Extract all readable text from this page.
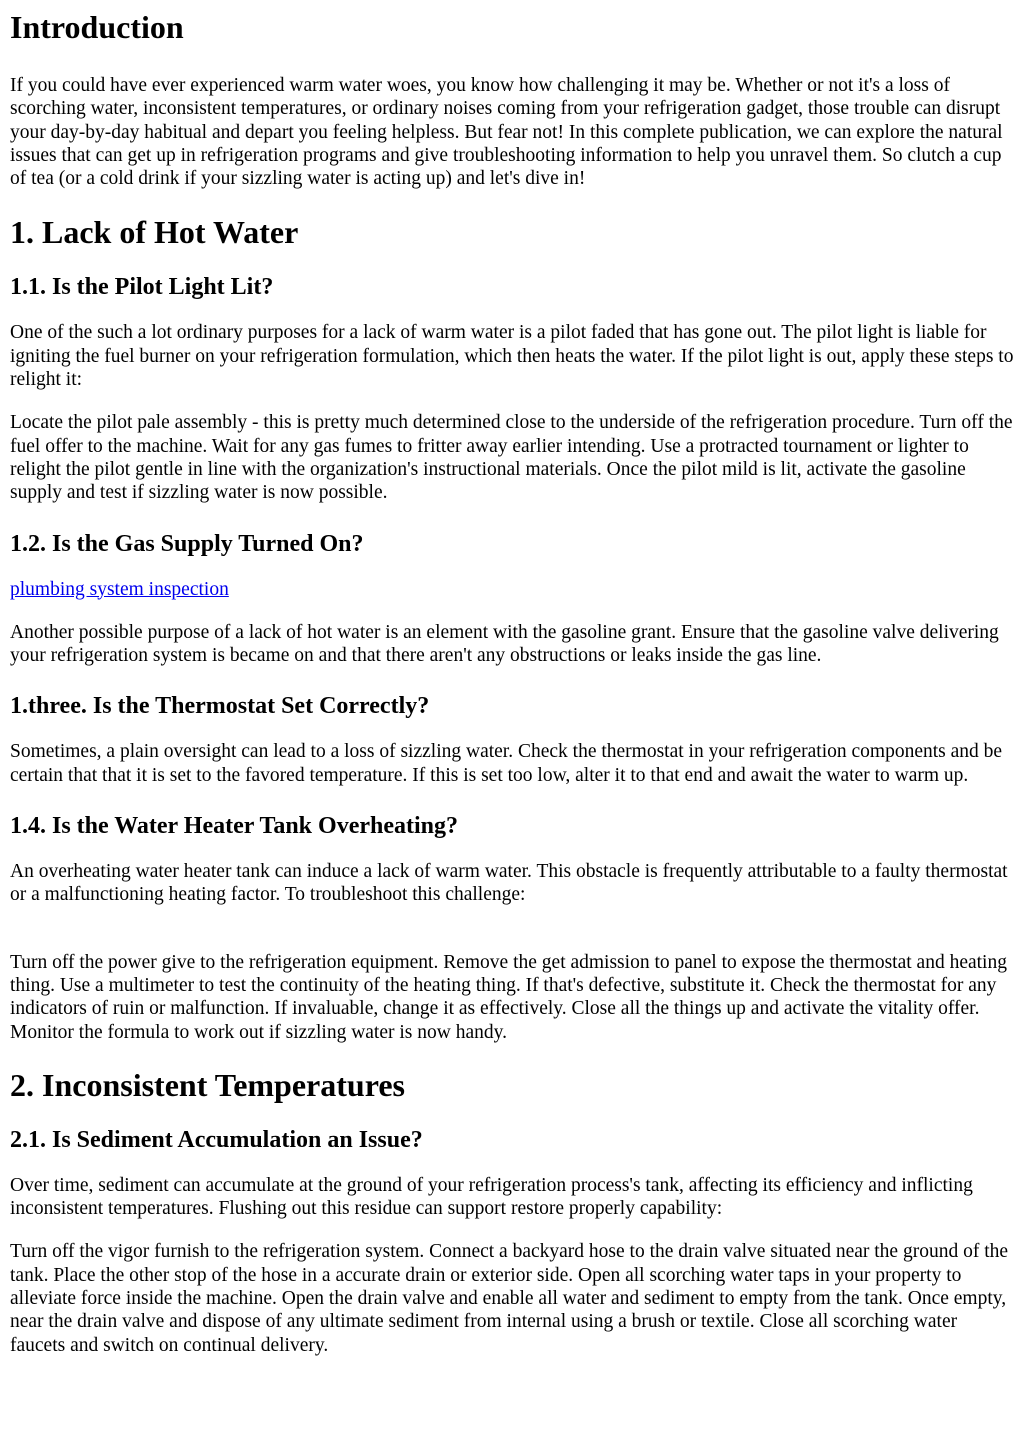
Introduction

If you could have ever experienced warm water woes, you know how challenging it may be. Whether or not it's a loss of scorching water, inconsistent temperatures, or ordinary noises coming from your refrigeration gadget, those trouble can disrupt your day-by-day habitual and depart you feeling helpless. But fear not! In this complete publication, we can explore the natural issues that can get up in refrigeration programs and give troubleshooting information to help you unravel them. So clutch a cup of tea (or a cold drink if your sizzling water is acting up) and let's dive in!

1. Lack of Hot Water
1.1. Is the Pilot Light Lit?

One of the such a lot ordinary purposes for a lack of warm water is a pilot faded that has gone out. The pilot light is liable for igniting the fuel burner on your refrigeration formulation, which then heats the water. If the pilot light is out, apply these steps to relight it:

Locate the pilot pale assembly - this is pretty much determined close to the underside of the refrigeration procedure. Turn off the fuel offer to the machine. Wait for any gas fumes to fritter away earlier intending. Use a protracted tournament or lighter to relight the pilot gentle in line with the organization's instructional materials. Once the pilot mild is lit, activate the gasoline supply and test if sizzling water is now possible.

1.2. Is the Gas Supply Turned On?

plumbing system inspection

Another possible purpose of a lack of hot water is an element with the gasoline grant. Ensure that the gasoline valve delivering your refrigeration system is became on and that there aren't any obstructions or leaks inside the gas line.

1.three. Is the Thermostat Set Correctly?

Sometimes, a plain oversight can lead to a loss of sizzling water. Check the thermostat in your refrigeration components and be certain that that it is set to the favored temperature. If this is set too low, alter it to that end and await the water to warm up.

1.4. Is the Water Heater Tank Overheating?

An overheating water heater tank can induce a lack of warm water. This obstacle is frequently attributable to a faulty thermostat or a malfunctioning heating factor. To troubleshoot this challenge:

Turn off the power give to the refrigeration equipment. Remove the get admission to panel to expose the thermostat and heating thing. Use a multimeter to test the continuity of the heating thing. If that's defective, substitute it. Check the thermostat for any indicators of ruin or malfunction. If invaluable, change it as effectively. Close all the things up and activate the vitality offer. Monitor the formula to work out if sizzling water is now handy.

2. Inconsistent Temperatures
2.1. Is Sediment Accumulation an Issue?

Over time, sediment can accumulate at the ground of your refrigeration process's tank, affecting its efficiency and inflicting inconsistent temperatures. Flushing out this residue can support restore properly capability:

Turn off the vigor furnish to the refrigeration system. Connect a backyard hose to the drain valve situated near the ground of the tank. Place the other stop of the hose in a accurate drain or exterior side. Open all scorching water taps in your property to alleviate force inside the machine. Open the drain valve and enable all water and sediment to empty from the tank. Once empty, near the drain valve and dispose of any ultimate sediment from internal using a brush or textile. Close all scorching water faucets and switch on continual delivery.
